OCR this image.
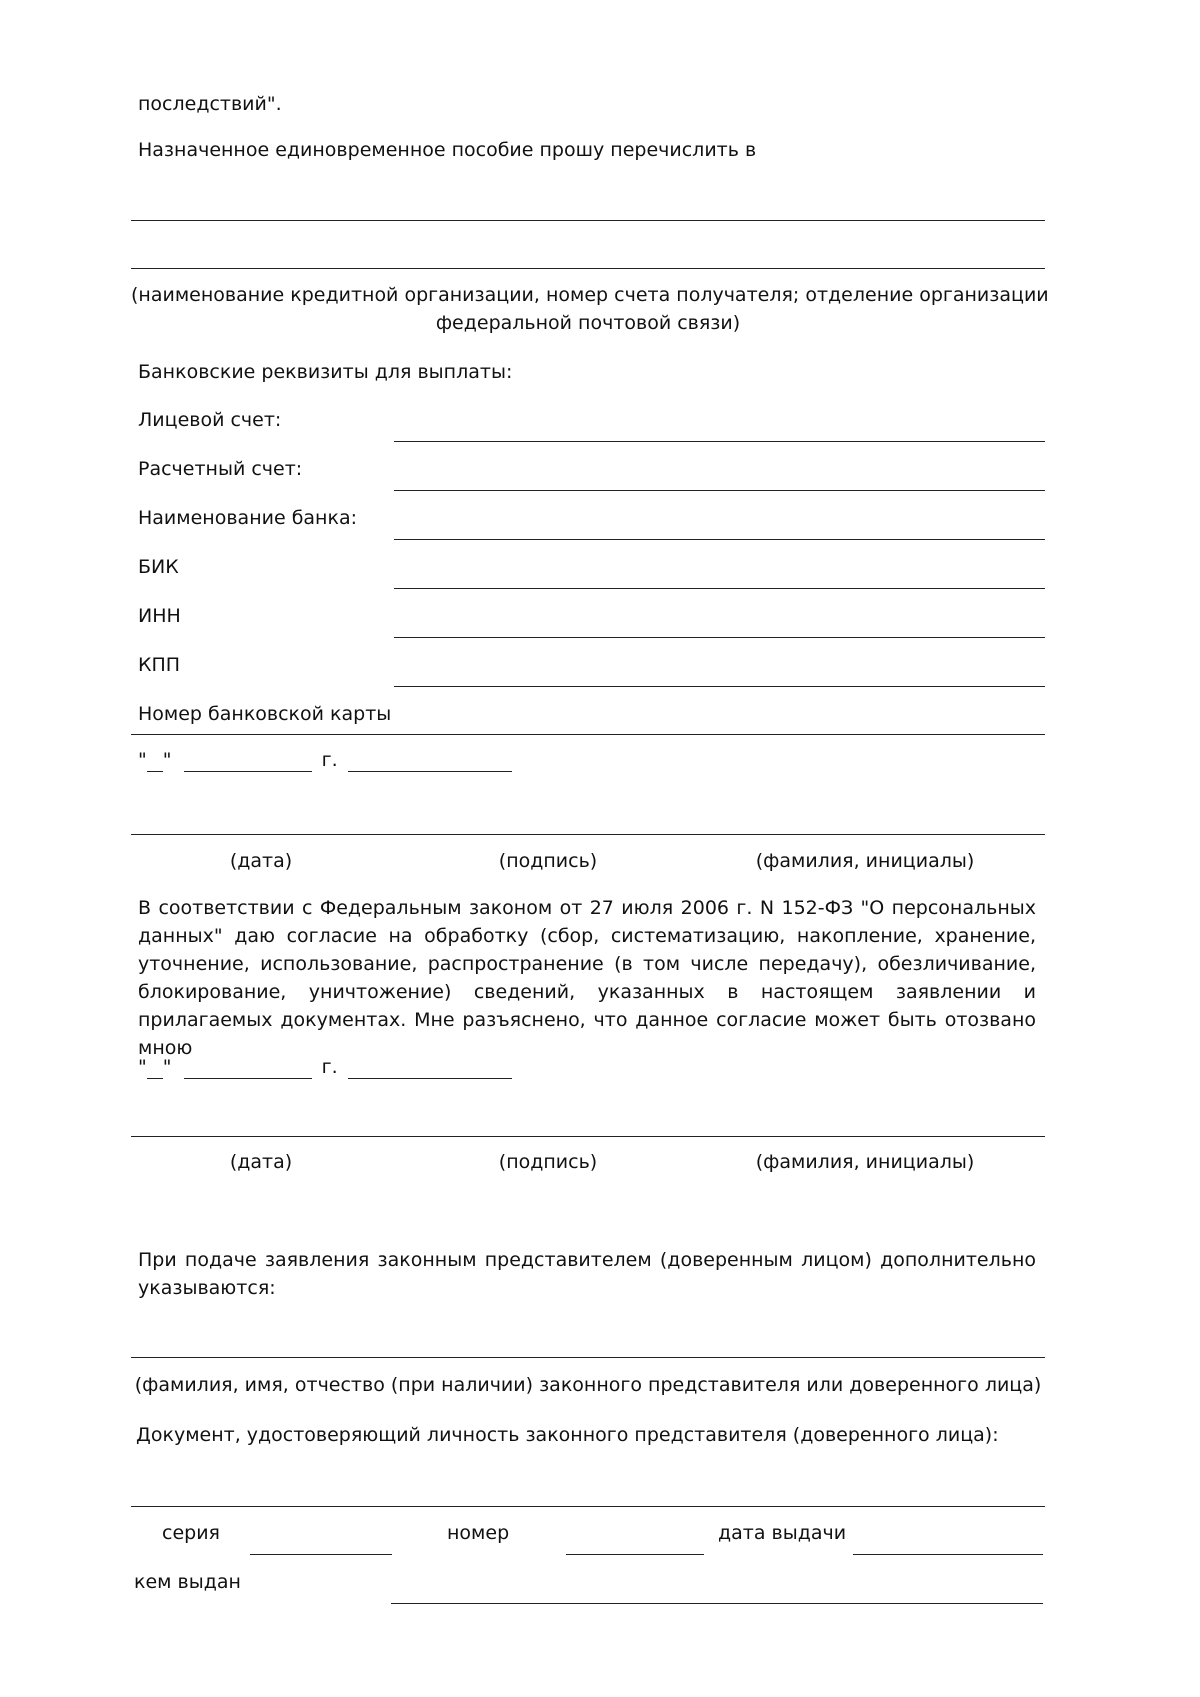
последствий".
Назначенное единовременное пособие прошу перечислить в
(наименование кредитной организации, номер счета получателя; отделение организации
федеральной почтовой связи)
Банковские реквизиты для выплаты:
Лицевой счет:
Расчетный счет:
Наименование банка:
БИК
ИНН
КПП
Номер банковской карты
" "	г.
(дата)	(подпись)	(фамилия, инициалы)
В соответствии с Федеральным законом от 27 июля 2006 г. N 152-ФЗ "О персональных данных" даю согласие на обработку (сбор, систематизацию, накопление, хранение, уточнение, использование, распространение (в том числе передачу), обезличивание, блокирование, уничтожение) сведений, указанных в настоящем заявлении и прилагаемых документах. Мне разъяснено, что данное согласие может быть отозвано мною
" "	г.
(дата)	(подпись)	(фамилия, инициалы)
При подаче заявления законным представителем (доверенным лицом) дополнительно указываются:
(фамилия, имя, отчество (при наличии) законного представителя или доверенного лица)
Документ, удостоверяющий личность законного представителя (доверенного лица):
серия	номер	дата выдачи
кем выдан
